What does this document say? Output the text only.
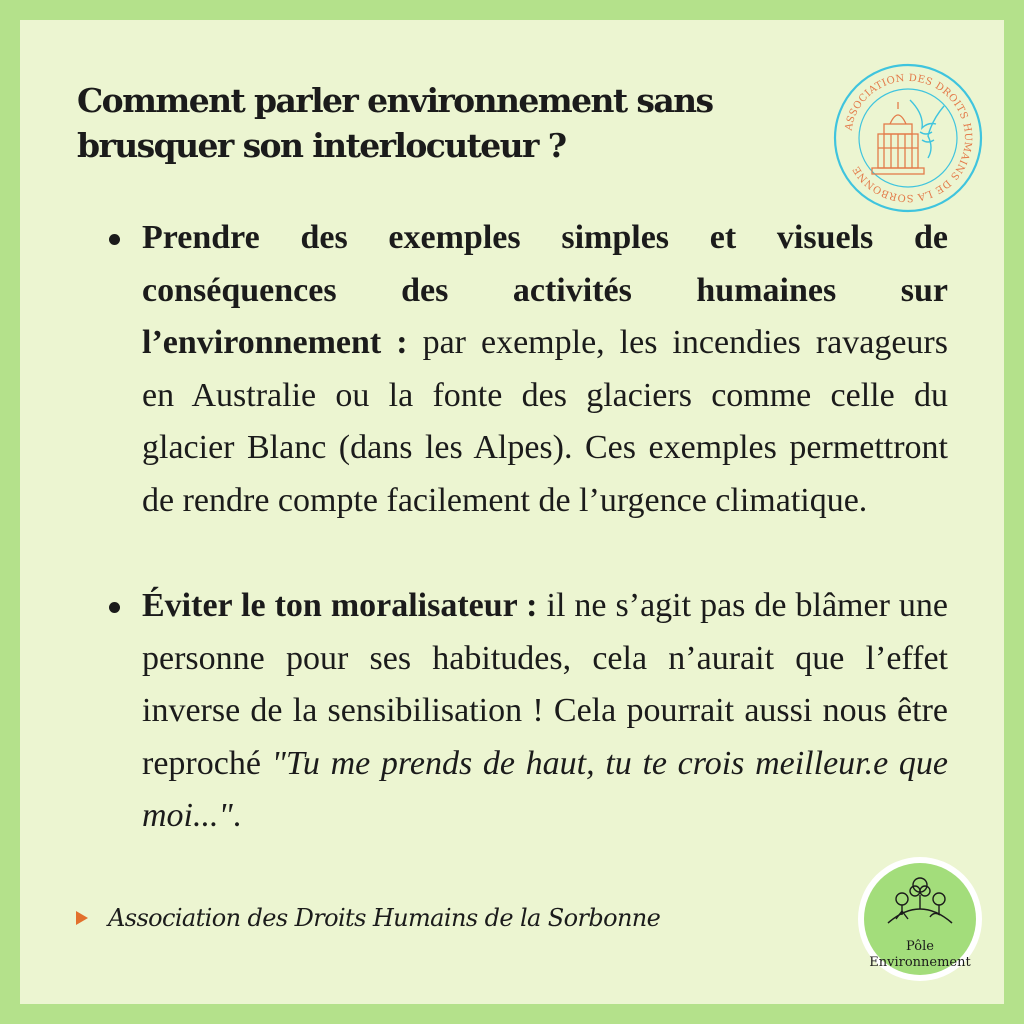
Comment parler environnement sans brusquer son interlocuteur ?	ASSOCIATION DES DROITS HUMAINS DE LA SORBONNE
Prendre des exemples simples et visuels de conséquences des activités humaines sur l’environnement : par exemple, les incendies ravageurs en Australie ou la fonte des glaciers comme celle du glacier Blanc (dans les Alpes). Ces exemples permettront de rendre compte facilement de l’urgence climatique.
Éviter le ton moralisateur : il ne s’agit pas de blâmer une personne pour ses habitudes, cela n’aurait que l’effet inverse de la sensibilisation ! Cela pourrait aussi nous être reproché "Tu me prends de haut, tu te crois meilleur.e que moi...".
Association des Droits Humains de la Sorbonne
Pôle
Environnement
